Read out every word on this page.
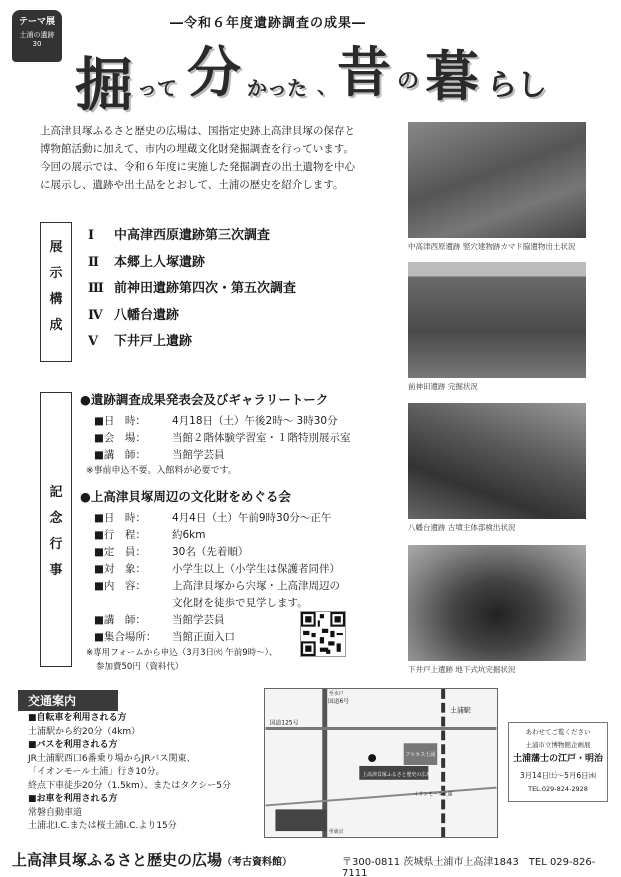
テーマ展
土浦の遺跡
30
―令和６年度遺跡調査の成果―
掘 って 分 かった 、 昔 の 暮 らし
上高津貝塚ふるさと歴史の広場は、国指定史跡上高津貝塚の保存と
博物館活動に加えて、市内の埋蔵文化財発掘調査を行っています。
今回の展示では、令和６年度に実施した発掘調査の出土遺物を中心
に展示し、遺跡や出土品をとおして、土浦の歴史を紹介します。
中高津西原遺跡 竪穴建物跡カマド脇遺物出土状況
前神田遺跡 完掘状況
八幡台遺跡 古墳主体部検出状況
下井戸上遺跡 地下式坑完掘状況
展
示
構
成
Ⅰ 中高津西原遺跡第三次調査
Ⅱ 本郷上人塚遺跡
Ⅲ 前神田遺跡第四次・第五次調査
Ⅳ 八幡台遺跡
Ⅴ 下井戸上遺跡
記
念
行
事
●遺跡調査成果発表会及びギャラリートーク
■日　時： 4月18日（土）午後2時～ 3時30分
■会　場： 当館２階体験学習室・１階特別展示室
■講　師： 当館学芸員
※事前申込不要。入館料が必要です。
●上高津貝塚周辺の文化財をめぐる会
■日　時： 4月4日（土）午前9時30分～正午
■行　程： 約6km
■定　員： 30名（先着順）
■対　象： 小学生以上（小学生は保護者同伴）
■内　容： 上高津貝塚から宍塚・上高津周辺の
文化財を徒歩で見学します。
■講　師： 当館学芸員
■集合場所： 当館正面入口
※専用フォームから申込（3月3日㈫ 午前9時～）、
参加費50円（資料代）
交通案内
■自転車を利用される方
土浦駅から約20分（4km）
■バスを利用される方
JR土浦駅西口6番乗り場からJRバス関東、
「イオンモール土浦」行き10分。
終点下車徒歩20分（1.5km）、またはタクシー5分
■お車を利用される方
常磐自動車道
土浦北I.C.または桜土浦I.C.より15分
土浦駅
国道6号
国道125号
アルカス土浦
イオンモール土浦
至水戸
至東京
上高津貝塚ふるさと歴史の広場
あわせてご覧ください
土浦市立博物館企画展
土浦藩士の江戸・明治
3月14日㈯～5月6日㈬
TEL.029-824-2928
上高津貝塚ふるさと歴史の広場（考古資料館）	〒300-0811 茨城県土浦市上高津1843　TEL 029-826-7111
